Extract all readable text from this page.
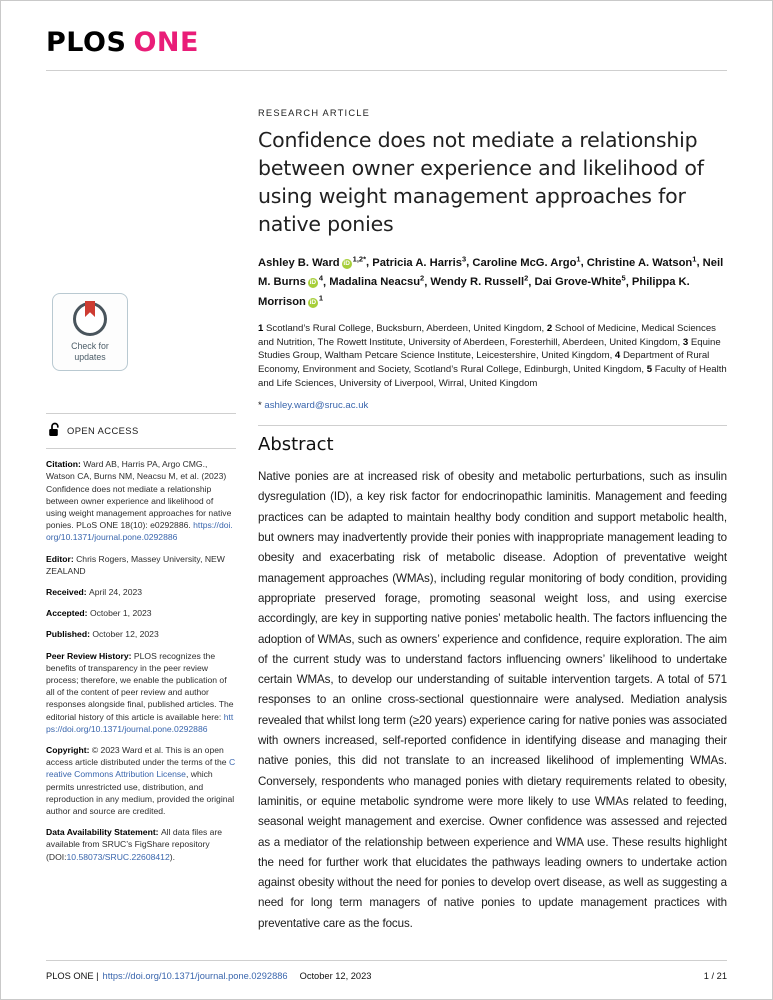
PLOS ONE
Check for
updates
OPEN ACCESS

Citation: Ward AB, Harris PA, Argo CMG., Watson CA, Burns NM, Neacsu M, et al. (2023) Confidence does not mediate a relationship between owner experience and likelihood of using weight management approaches for native ponies. PLoS ONE 18(10): e0292886. https://doi.org/10.1371/journal.pone.0292886

Editor: Chris Rogers, Massey University, NEW ZEALAND

Received: April 24, 2023

Accepted: October 1, 2023

Published: October 12, 2023

Peer Review History: PLOS recognizes the benefits of transparency in the peer review process; therefore, we enable the publication of all of the content of peer review and author responses alongside final, published articles. The editorial history of this article is available here: https://doi.org/10.1371/journal.pone.0292886

Copyright: © 2023 Ward et al. This is an open access article distributed under the terms of the Creative Commons Attribution License, which permits unrestricted use, distribution, and reproduction in any medium, provided the original author and source are credited.

Data Availability Statement: All data files are available from SRUC’s FigShare repository (DOI:10.58073/SRUC.22608412).

RESEARCH ARTICLE
Confidence does not mediate a relationship between owner experience and likelihood of using weight management approaches for native ponies

Ashley B. Ward $iD^{1,2*}$, Patricia A. Harris$^3$, Caroline McG. Argo$^1$, Christine A. Watson$^1$, Neil M. Burns $iD^4$, Madalina Neacsu$^2$, Wendy R. Russell$^2$, Dai Grove-White$^5$, Philippa K. Morrison $iD^1$

1 Scotland’s Rural College, Bucksburn, Aberdeen, United Kingdom, 2 School of Medicine, Medical Sciences and Nutrition, The Rowett Institute, University of Aberdeen, Foresterhill, Aberdeen, United Kingdom, 3 Equine Studies Group, Waltham Petcare Science Institute, Leicestershire, United Kingdom, 4 Department of Rural Economy, Environment and Society, Scotland’s Rural College, Edinburgh, United Kingdom, 5 Faculty of Health and Life Sciences, University of Liverpool, Wirral, United Kingdom

* ashley.ward@sruc.ac.uk

Abstract

Native ponies are at increased risk of obesity and metabolic perturbations, such as insulin dysregulation (ID), a key risk factor for endocrinopathic laminitis. Management and feeding practices can be adapted to maintain healthy body condition and support metabolic health, but owners may inadvertently provide their ponies with inappropriate management leading to obesity and exacerbating risk of metabolic disease. Adoption of preventative weight management approaches (WMAs), including regular monitoring of body condition, providing appropriate preserved forage, promoting seasonal weight loss, and using exercise accordingly, are key in supporting native ponies’ metabolic health. The factors influencing the adoption of WMAs, such as owners’ experience and confidence, require exploration. The aim of the current study was to understand factors influencing owners’ likelihood to undertake certain WMAs, to develop our understanding of suitable intervention targets. A total of 571 responses to an online cross-sectional questionnaire were analysed. Mediation analysis revealed that whilst long term (≥20 years) experience caring for native ponies was associated with owners increased, self-reported confidence in identifying disease and managing their native ponies, this did not translate to an increased likelihood of implementing WMAs. Conversely, respondents who managed ponies with dietary requirements related to obesity, laminitis, or equine metabolic syndrome were more likely to use WMAs related to feeding, seasonal weight management and exercise. Owner confidence was assessed and rejected as a mediator of the relationship between experience and WMA use. These results highlight the need for further work that elucidates the pathways leading owners to undertake action against obesity without the need for ponies to develop overt disease, as well as suggesting a need for long term managers of native ponies to update management practices with preventative care as the focus.

PLOS ONE | https://doi.org/10.1371/journal.pone.0292886 October 12, 2023	1 / 21
